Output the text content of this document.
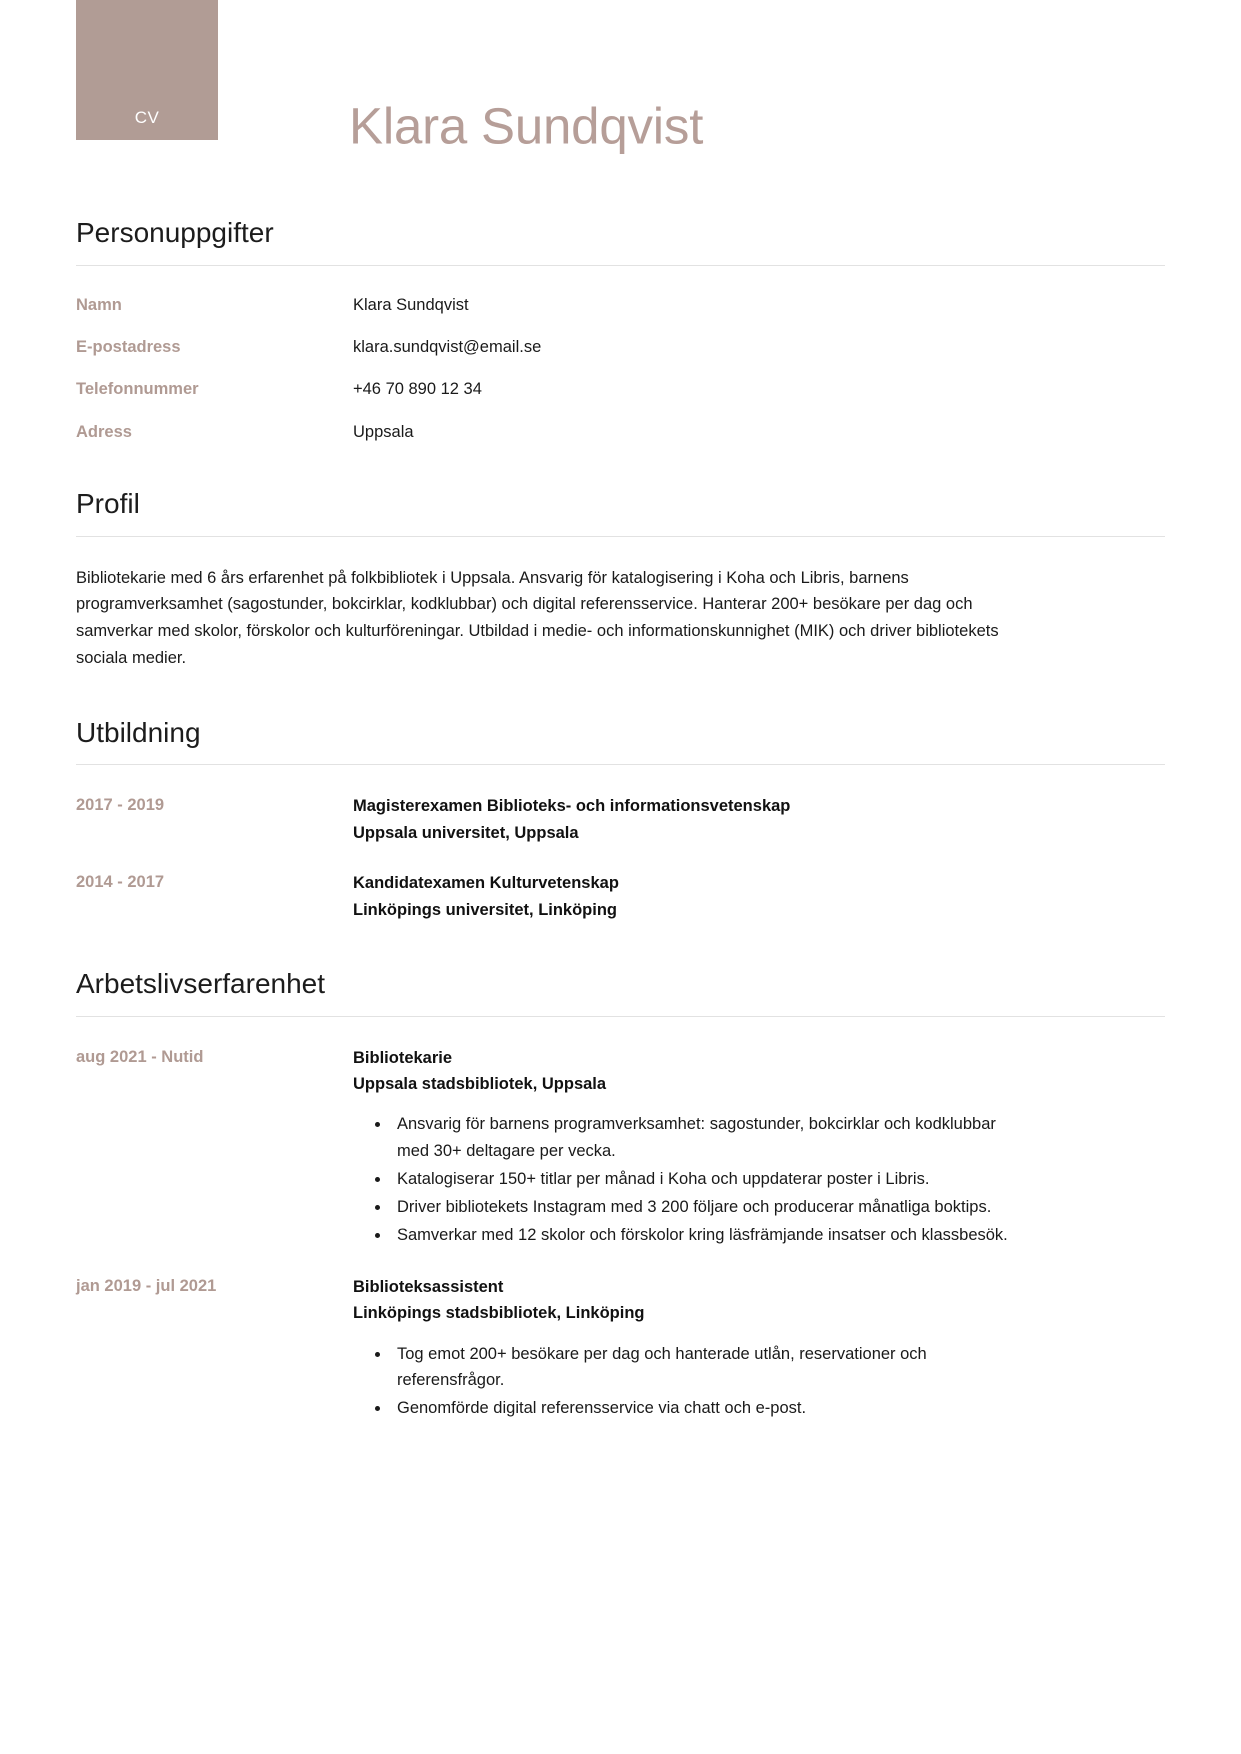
CV	Klara Sundqvist
Personuppgifter
Namn	Klara Sundqvist
E-postadress	klara.sundqvist@email.se
Telefonnummer	+46 70 890 12 34
Adress	Uppsala
Profil

Bibliotekarie med 6 års erfarenhet på folkbibliotek i Uppsala. Ansvarig för katalogisering i Koha och Libris, barnens programverksamhet (sagostunder, bokcirklar, kodklubbar) och digital referensservice. Hanterar 200+ besökare per dag och samverkar med skolor, förskolor och kulturföreningar. Utbildad i medie- och informationskunnighet (MIK) och driver bibliotekets sociala medier.

Utbildning
2017 - 2019	Magisterexamen Biblioteks- och informationsvetenskap
Uppsala universitet, Uppsala
2014 - 2017	Kandidatexamen Kulturvetenskap
Linköpings universitet, Linköping
Arbetslivserfarenhet
aug 2021 - Nutid	Bibliotekarie
Uppsala stadsbibliotek, Uppsala
• Ansvarig för barnens programverksamhet: sagostunder, bokcirklar och kodklubbar med 30+ deltagare per vecka.
• Katalogiserar 150+ titlar per månad i Koha och uppdaterar poster i Libris.
• Driver bibliotekets Instagram med 3 200 följare och producerar månatliga boktips.
• Samverkar med 12 skolor och förskolor kring läsfrämjande insatser och klassbesök.
jan 2019 - jul 2021	Biblioteksassistent
Linköpings stadsbibliotek, Linköping
• Tog emot 200+ besökare per dag och hanterade utlån, reservationer och referensfrågor.
• Genomförde digital referensservice via chatt och e-post.
